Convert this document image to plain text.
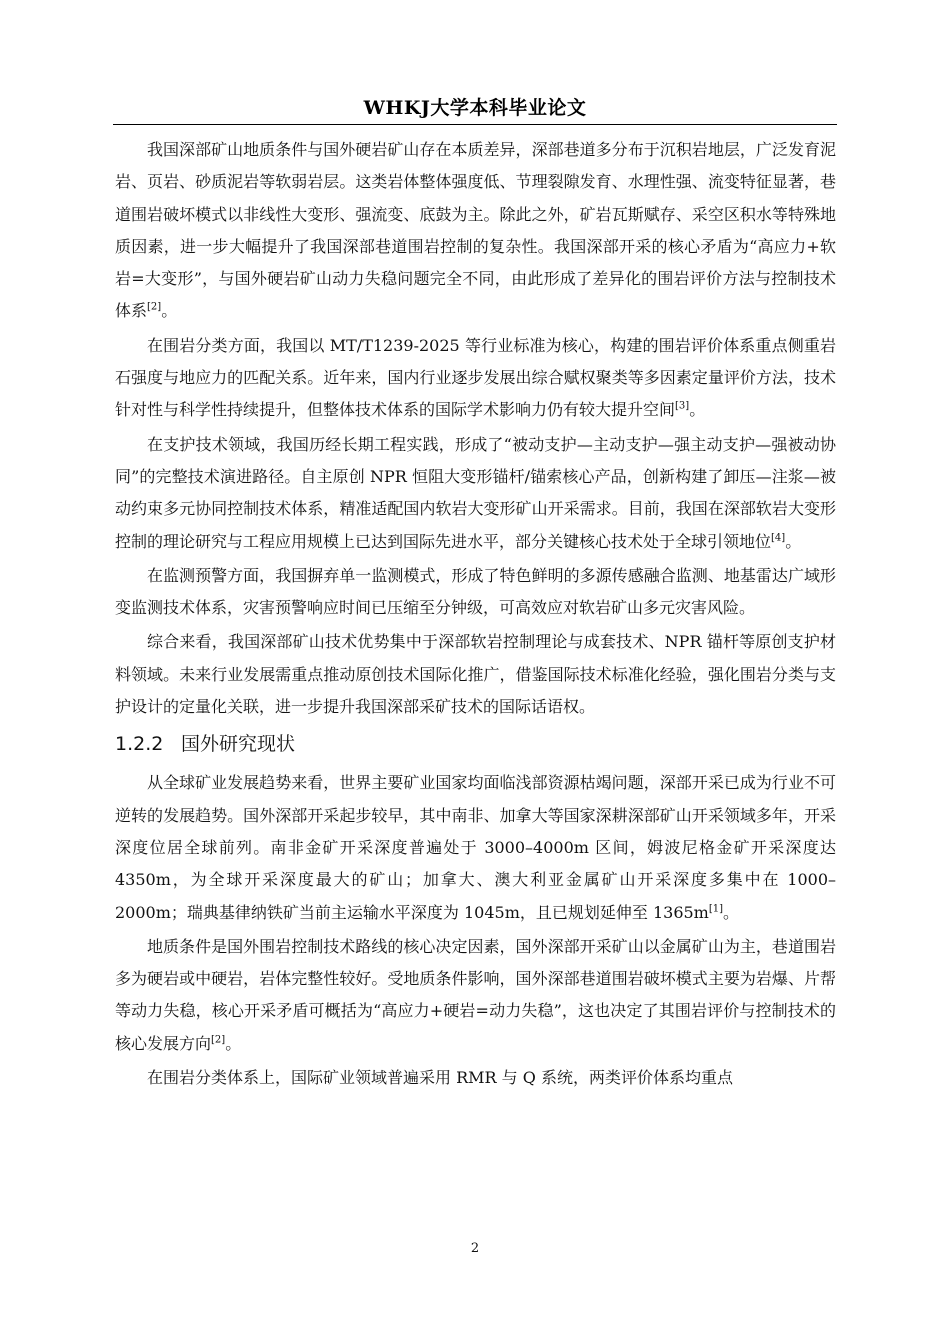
WHKJ大学本科毕业论文

我国深部矿山地质条件与国外硬岩矿山存在本质差异，深部巷道多分布于沉积岩地层，广泛发育泥岩、页岩、砂质泥岩等软弱岩层。这类岩体整体强度低、节理裂隙发育、水理性强、流变特征显著，巷道围岩破坏模式以非线性大变形、强流变、底鼓为主。除此之外，矿岩瓦斯赋存、采空区积水等特殊地质因素，进一步大幅提升了我国深部巷道围岩控制的复杂性。我国深部开采的核心矛盾为“高应力+软岩=大变形”，与国外硬岩矿山动力失稳问题完全不同，由此形成了差异化的围岩评价方法与控制技术体系[2]。

在围岩分类方面，我国以 MT/T1239-2025 等行业标准为核心，构建的围岩评价体系重点侧重岩石强度与地应力的匹配关系。近年来，国内行业逐步发展出综合赋权聚类等多因素定量评价方法，技术针对性与科学性持续提升，但整体技术体系的国际学术影响力仍有较大提升空间[3]。

在支护技术领域，我国历经长期工程实践，形成了“被动支护—主动支护—强主动支护—强被动协同”的完整技术演进路径。自主原创 NPR 恒阻大变形锚杆/锚索核心产品，创新构建了卸压—注浆—被动约束多元协同控制技术体系，精准适配国内软岩大变形矿山开采需求。目前，我国在深部软岩大变形控制的理论研究与工程应用规模上已达到国际先进水平，部分关键核心技术处于全球引领地位[4]。

在监测预警方面，我国摒弃单一监测模式，形成了特色鲜明的多源传感融合监测、地基雷达广域形变监测技术体系，灾害预警响应时间已压缩至分钟级，可高效应对软岩矿山多元灾害风险。

综合来看，我国深部矿山技术优势集中于深部软岩控制理论与成套技术、NPR 锚杆等原创支护材料领域。未来行业发展需重点推动原创技术国际化推广，借鉴国际技术标准化经验，强化围岩分类与支护设计的定量化关联，进一步提升我国深部采矿技术的国际话语权。

1.2.2 国外研究现状

从全球矿业发展趋势来看，世界主要矿业国家均面临浅部资源枯竭问题，深部开采已成为行业不可逆转的发展趋势。国外深部开采起步较早，其中南非、加拿大等国家深耕深部矿山开采领域多年，开采深度位居全球前列。南非金矿开采深度普遍处于 3000–4000m 区间，姆波尼格金矿开采深度达 4350m，为全球开采深度最大的矿山；加拿大、澳大利亚金属矿山开采深度多集中在 1000–2000m；瑞典基律纳铁矿当前主运输水平深度为 1045m，且已规划延伸至 1365m[1]。

地质条件是国外围岩控制技术路线的核心决定因素，国外深部开采矿山以金属矿山为主，巷道围岩多为硬岩或中硬岩，岩体完整性较好。受地质条件影响，国外深部巷道围岩破坏模式主要为岩爆、片帮等动力失稳，核心开采矛盾可概括为“高应力+硬岩=动力失稳”，这也决定了其围岩评价与控制技术的核心发展方向[2]。

在围岩分类体系上，国际矿业领域普遍采用 RMR 与 Q 系统，两类评价体系均重点

2
